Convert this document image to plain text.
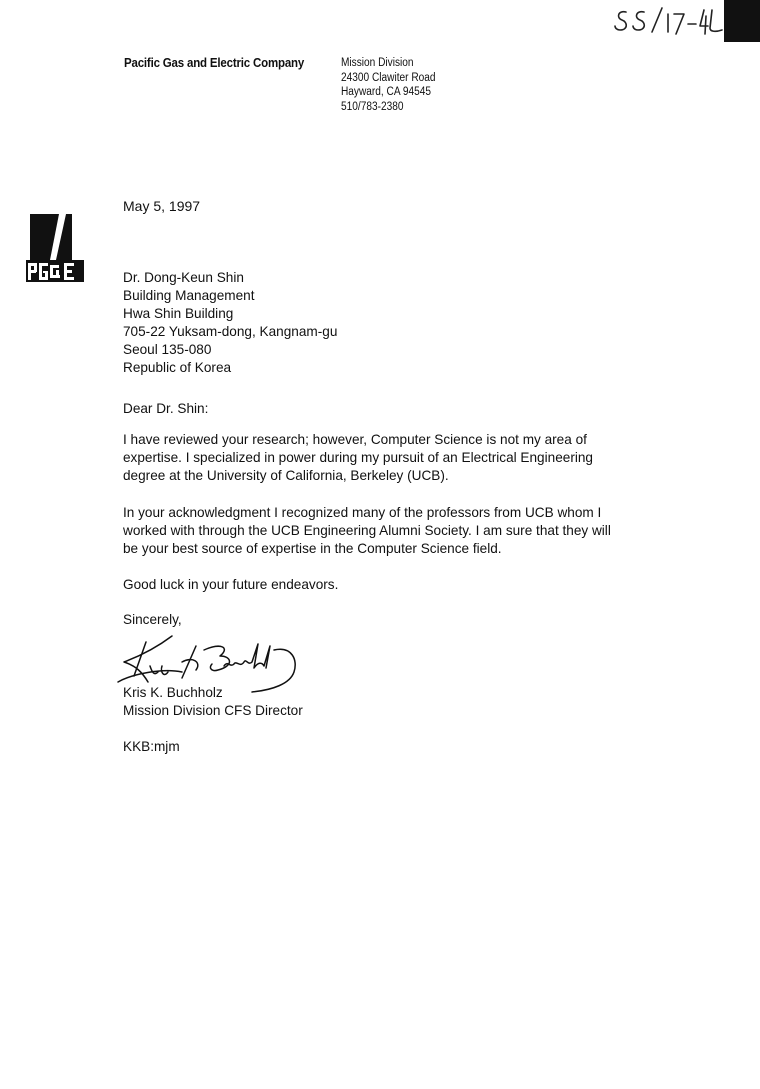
Pacific Gas and Electric Company	Mission Division
24300 Clawiter Road
Hayward, CA 94545
510/783-2380
May 5, 1997
Dr. Dong-Keun Shin
Building Management
Hwa Shin Building
705-22 Yuksam-dong, Kangnam-gu
Seoul 135-080
Republic of Korea
Dear Dr. Shin:
I have reviewed your research; however, Computer Science is not my area of
expertise. I specialized in power during my pursuit of an Electrical Engineering
degree at the University of California, Berkeley (UCB).
In your acknowledgment I recognized many of the professors from UCB whom I
worked with through the UCB Engineering Alumni Society. I am sure that they will
be your best source of expertise in the Computer Science field.
Good luck in your future endeavors.
Sincerely,
Kris K. Buchholz
Mission Division CFS Director
KKB:mjm
